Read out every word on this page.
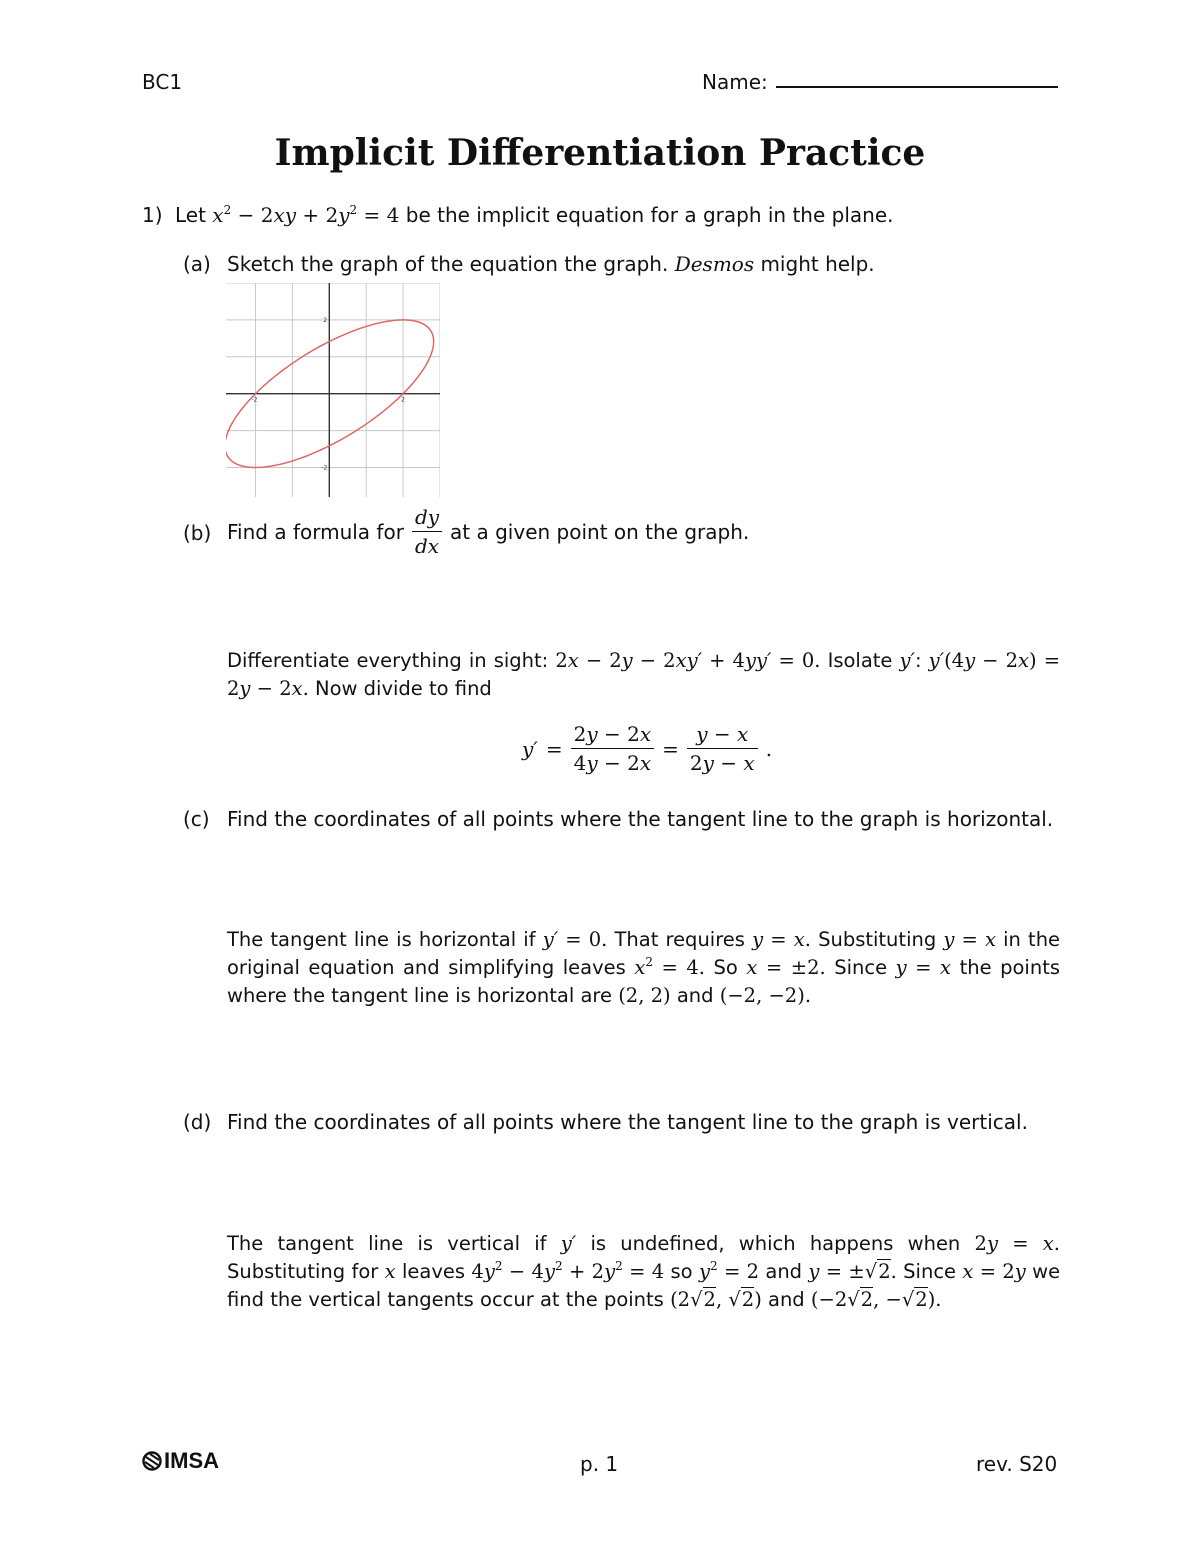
BC1	Name:
Implicit Differentiation Practice
1) Let $x^2 - 2xy + 2y^2 = 4$ be the implicit equation for a graph in the plane.
(a) Sketch the graph of the equation the graph. Desmos might help.
-2	2
2
-2
(b) Find a formula for $\frac{dy}{dx}$ at a given point on the graph.
Differentiate everything in sight: 2x − 2y − 2xy′ + 4yy′ = 0. Isolate y′: y′(4y − 2x) = 2y − 2x. Now divide to find
$y' = \frac{2y - 2x}{4y - 2x} = \frac{y - x}{2y - x}$ .
(c) Find the coordinates of all points where the tangent line to the graph is horizontal.
The tangent line is horizontal if y′ = 0. That requires y = x. Substituting y = x in the original equation and simplifying leaves $x^2 = 4$. So x = ±2. Since y = x the points where the tangent line is horizontal are (2, 2) and (−2, −2).
(d) Find the coordinates of all points where the tangent line to the graph is vertical.
The tangent line is vertical if y′ is undefined, which happens when 2y = x. Substituting for x leaves $4y^2 - 4y^2 + 2y^2 = 4$ so $y^2 = 2$ and y = ±√2. Since x = 2y we find the vertical tangents occur at the points (2√2, √2) and (−2√2, −√2).
IMSA	p. 1	rev. S20
